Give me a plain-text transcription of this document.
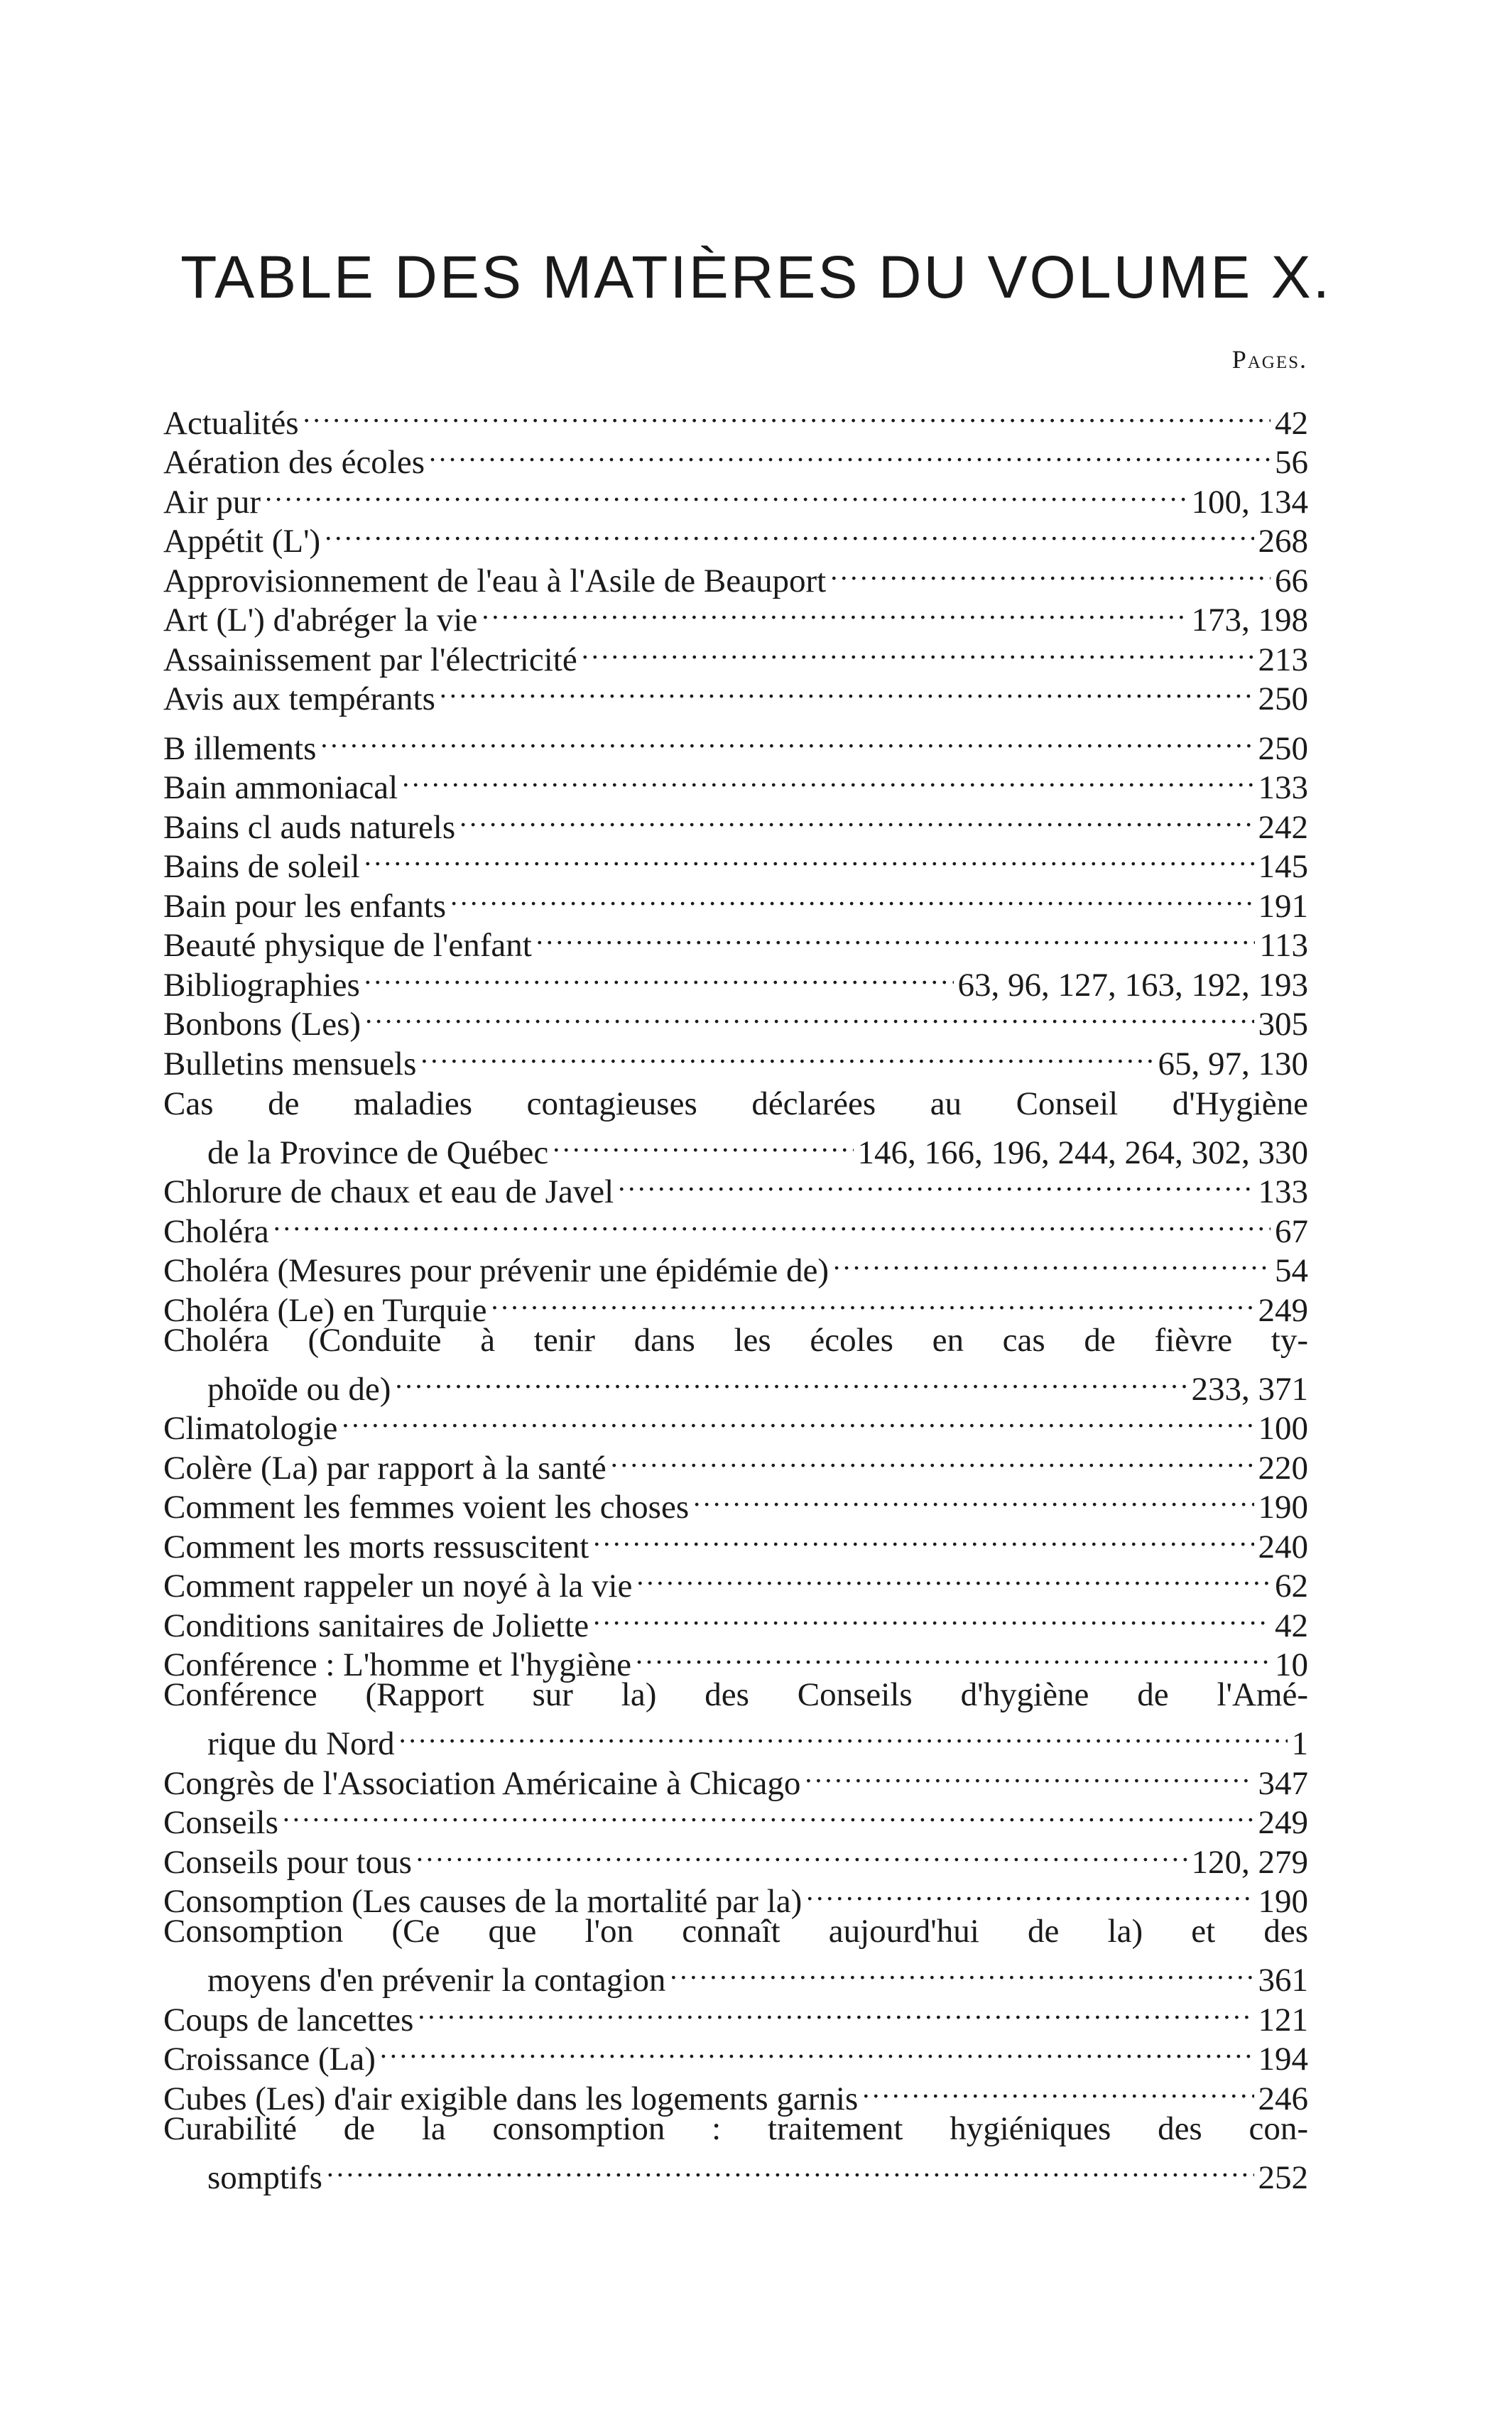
TABLE DES MATIÈRES DU VOLUME X.
Pages.
Actualités .....	42
Aération des écoles .....	56
Air pur .....	100, 134
Appétit (L') .....	268
Approvisionnement de l'eau à l'Asile de Beauport .....	66
Art (L') d'abréger la vie .....	173, 198
Assainissement par l'électricité .....	213
Avis aux tempérants .....	250
B illements .....	250
Bain ammoniacal .....	133
Bains cl auds naturels .....	242
Bains de soleil .....	145
Bain pour les enfants .....	191
Beauté physique de l'enfant .....	113
Bibliographies .....	63, 96, 127, 163, 192, 193
Bonbons (Les) .....	305
Bulletins mensuels .....	65, 97, 130
Cas de maladies contagieuses déclarées au Conseil d'Hygiène
de la Province de Québec .....	146, 166, 196, 244, 264, 302, 330
Chlorure de chaux et eau de Javel .....	133
Choléra .....	67
Choléra (Mesures pour prévenir une épidémie de) .....	54
Choléra (Le) en Turquie .....	249
Choléra (Conduite à tenir dans les écoles en cas de fièvre ty-
phoïde ou de) .....	233, 371
Climatologie .....	100
Colère (La) par rapport à la santé .....	220
Comment les femmes voient les choses .....	190
Comment les morts ressuscitent .....	240
Comment rappeler un noyé à la vie .....	62
Conditions sanitaires de Joliette .....	42
Conférence : L'homme et l'hygiène .....	10
Conférence (Rapport sur la) des Conseils d'hygiène de l'Amé-
rique du Nord .....	1
Congrès de l'Association Américaine à Chicago .....	347
Conseils .....	249
Conseils pour tous .....	120, 279
Consomption (Les causes de la mortalité par la) .....	190
Consomption (Ce que l'on connaît aujourd'hui de la) et des
moyens d'en prévenir la contagion .....	361
Coups de lancettes .....	121
Croissance (La) .....	194
Cubes (Les) d'air exigible dans les logements garnis .....	246
Curabilité de la consomption : traitement hygiéniques des con-
somptifs .....	252
